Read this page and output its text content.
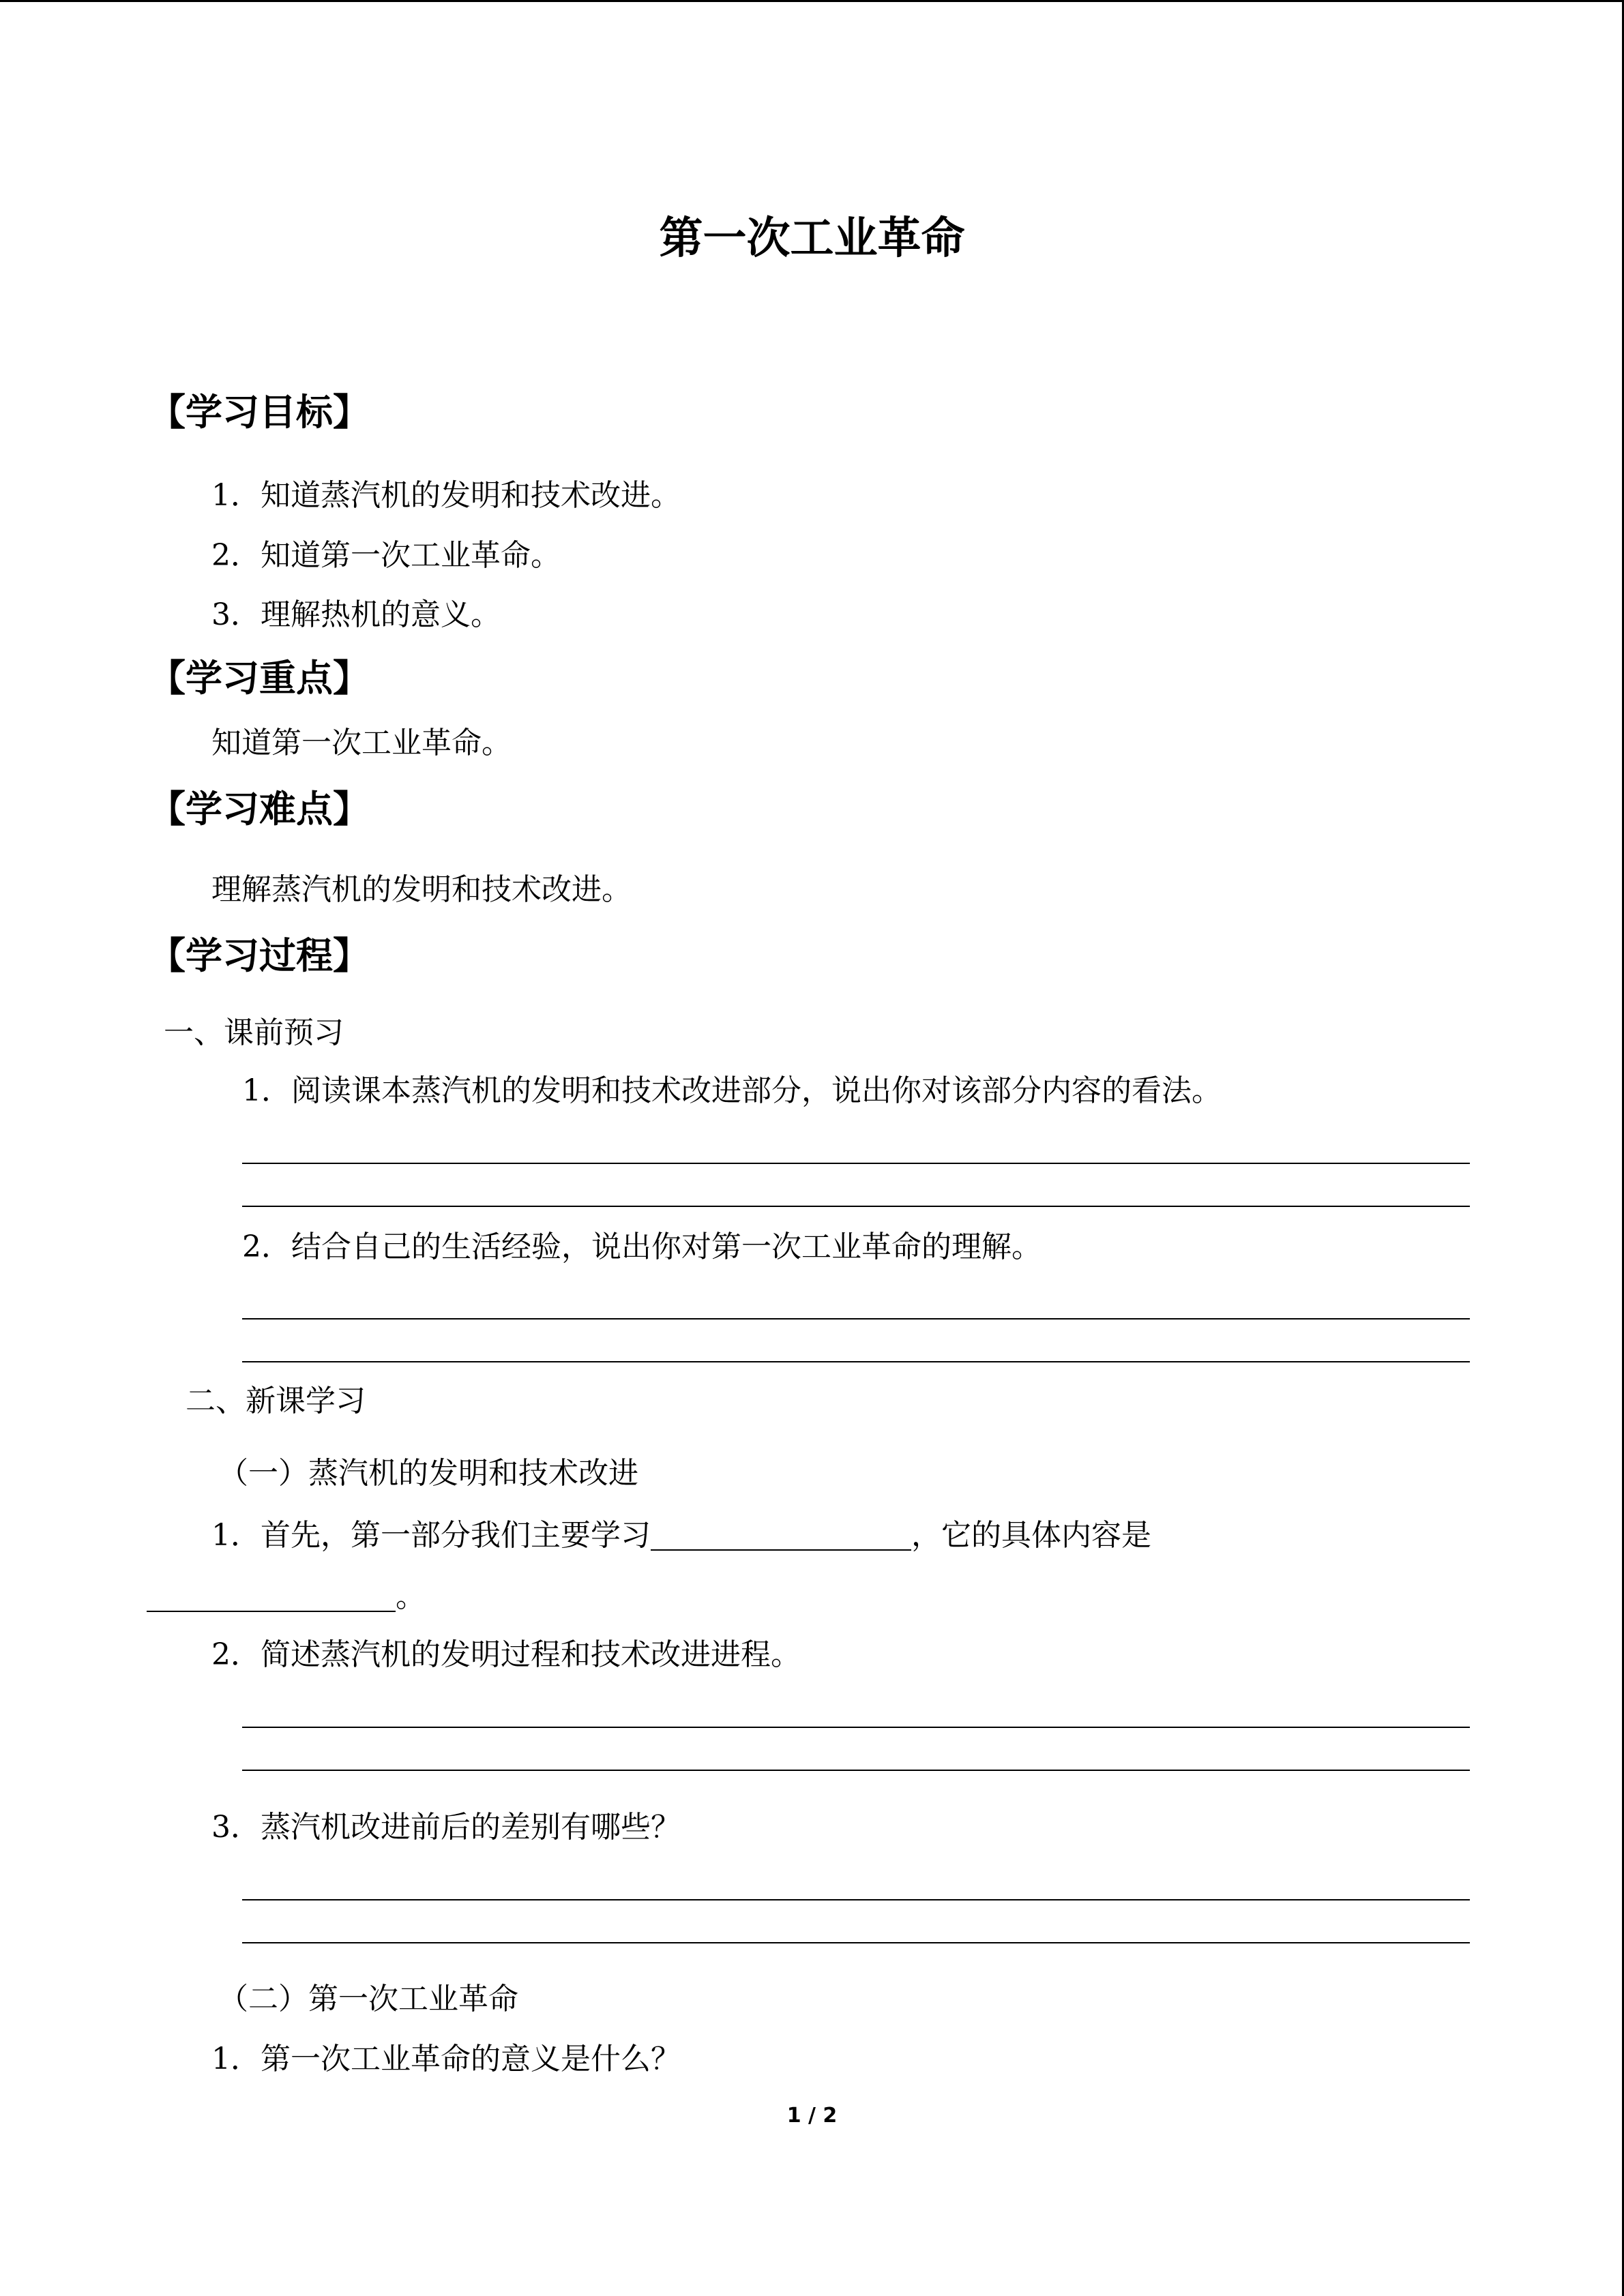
第一次工业革命
【学习目标】
1．知道蒸汽机的发明和技术改进。
2．知道第一次工业革命。
3．理解热机的意义。
【学习重点】
知道第一次工业革命。
【学习难点】
理解蒸汽机的发明和技术改进。
【学习过程】
一、课前预习
1．阅读课本蒸汽机的发明和技术改进部分，说出你对该部分内容的看法。
2．结合自己的生活经验，说出你对第一次工业革命的理解。
二、新课学习
（一）蒸汽机的发明和技术改进
1．首先，第一部分我们主要学习	，它的具体内容是
。
2．简述蒸汽机的发明过程和技术改进进程。
3．蒸汽机改进前后的差别有哪些？
（二）第一次工业革命
1．第一次工业革命的意义是什么？
1 / 2
